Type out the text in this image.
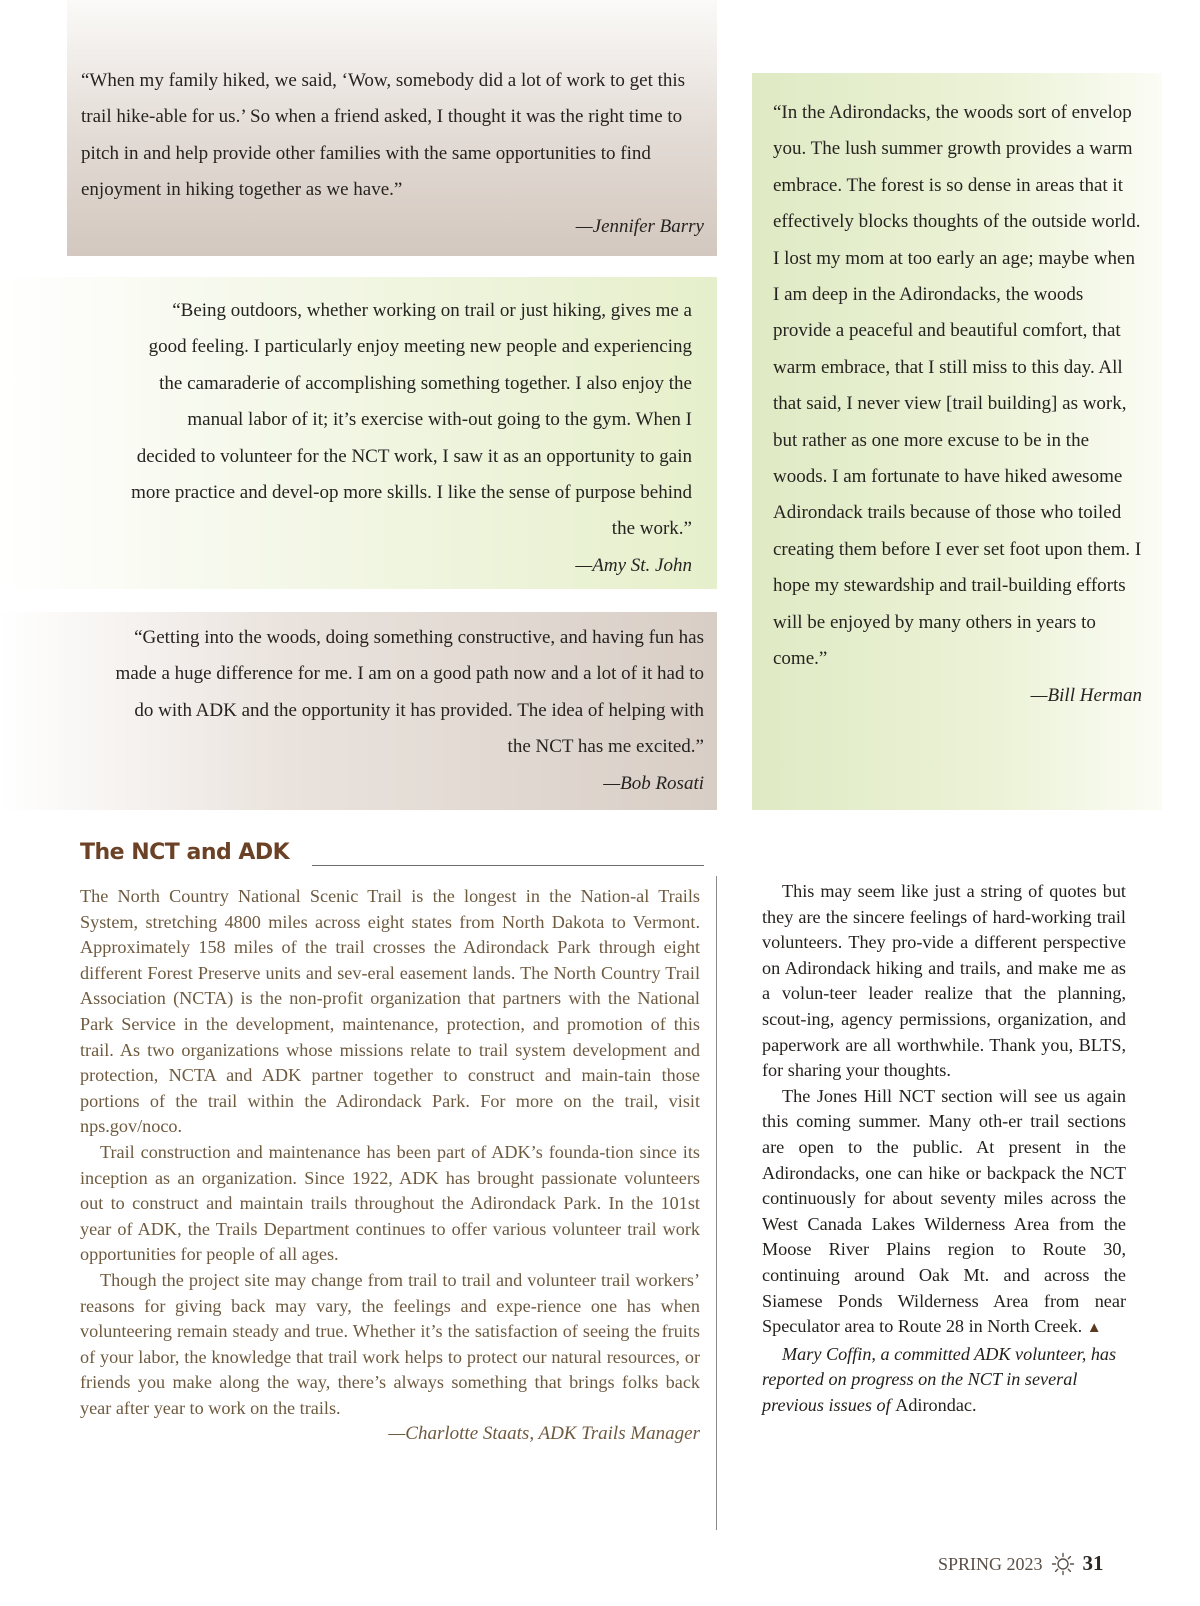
“When my family hiked, we said, ‘Wow, somebody did a lot of work to get this trail hike-able for us.’ So when a friend asked, I thought it was the right time to pitch in and help provide other families with the same opportunities to find enjoyment in hiking together as we have.”

—Jennifer Barry

“Being outdoors, whether working on trail or just hiking, gives me a good feeling. I particularly enjoy meeting new people and experiencing the camaraderie of accomplishing something together. I also enjoy the manual labor of it; it’s exercise with-out going to the gym. When I decided to volunteer for the NCT work, I saw it as an opportunity to gain more practice and devel-op more skills. I like the sense of purpose behind the work.”

—Amy St. John

“Getting into the woods, doing something constructive, and having fun has made a huge difference for me. I am on a good path now and a lot of it had to do with ADK and the opportunity it has provided. The idea of helping with the NCT has me excited.”

—Bob Rosati

“In the Adirondacks, the woods sort of envelop you. The lush summer growth provides a warm embrace. The forest is so dense in areas that it effectively blocks thoughts of the outside world. I lost my mom at too early an age; maybe when I am deep in the Adirondacks, the woods provide a peaceful and beautiful comfort, that warm embrace, that I still miss to this day. All that said, I never view [trail building] as work, but rather as one more excuse to be in the woods. I am fortunate to have hiked awesome Adirondack trails because of those who toiled creating them before I ever set foot upon them. I hope my stewardship and trail-building efforts will be enjoyed by many others in years to come.”

—Bill Herman

The NCT and ADK

The North Country National Scenic Trail is the longest in the Nation-al Trails System, stretching 4800 miles across eight states from North Dakota to Vermont. Approximately 158 miles of the trail crosses the Adirondack Park through eight different Forest Preserve units and sev-eral easement lands. The North Country Trail Association (NCTA) is the non-profit organization that partners with the National Park Service in the development, maintenance, protection, and promotion of this trail. As two organizations whose missions relate to trail system development and protection, NCTA and ADK partner together to construct and main-tain those portions of the trail within the Adirondack Park. For more on the trail, visit nps.gov/noco.

Trail construction and maintenance has been part of ADK’s founda-tion since its inception as an organization. Since 1922, ADK has brought passionate volunteers out to construct and maintain trails throughout the Adirondack Park. In the 101st year of ADK, the Trails Department continues to offer various volunteer trail work opportunities for people of all ages.

Though the project site may change from trail to trail and volunteer trail workers’ reasons for giving back may vary, the feelings and expe-rience one has when volunteering remain steady and true. Whether it’s the satisfaction of seeing the fruits of your labor, the knowledge that trail work helps to protect our natural resources, or friends you make along the way, there’s always something that brings folks back year after year to work on the trails.

—Charlotte Staats, ADK Trails Manager

This may seem like just a string of quotes but they are the sincere feelings of hard-working trail volunteers. They pro-vide a different perspective on Adirondack hiking and trails, and make me as a volun-teer leader realize that the planning, scout-ing, agency permissions, organization, and paperwork are all worthwhile. Thank you, BLTS, for sharing your thoughts.

The Jones Hill NCT section will see us again this coming summer. Many oth-er trail sections are open to the public. At present in the Adirondacks, one can hike or backpack the NCT continuously for about seventy miles across the West Canada Lakes Wilderness Area from the Moose River Plains region to Route 30, continuing around Oak Mt. and across the Siamese Ponds Wilderness Area from near Speculator area to Route 28 in North Creek. ▲

Mary Coffin, a committed ADK volunteer, has reported on progress on the NCT in several previous issues of Adirondac.

SPRING 2023 31
